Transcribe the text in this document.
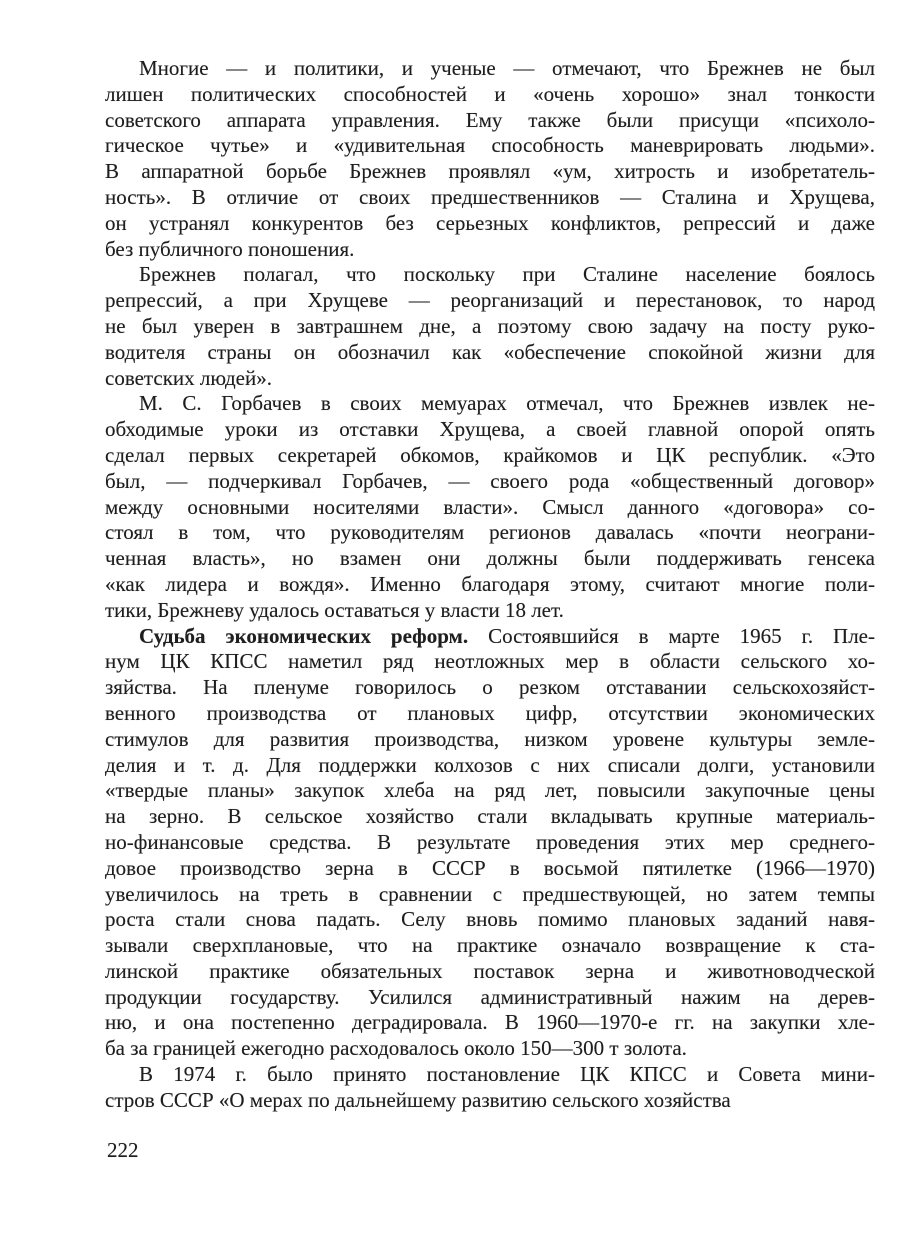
Многие — и политики, и ученые — отмечают, что Брежнев не был
лишен политических способностей и «очень хорошо» знал тонкости
советского аппарата управления. Ему также были присущи «психоло-
гическое чутье» и «удивительная способность маневрировать людьми».
В аппаратной борьбе Брежнев проявлял «ум, хитрость и изобретатель-
ность». В отличие от своих предшественников — Сталина и Хрущева,
он устранял конкурентов без серьезных конфликтов, репрессий и даже
без публичного поношения.
Брежнев полагал, что поскольку при Сталине население боялось
репрессий, а при Хрущеве — реорганизаций и перестановок, то народ
не был уверен в завтрашнем дне, а поэтому свою задачу на посту руко-
водителя страны он обозначил как «обеспечение спокойной жизни для
советских людей».
М. С. Горбачев в своих мемуарах отмечал, что Брежнев извлек не-
обходимые уроки из отставки Хрущева, а своей главной опорой опять
сделал первых секретарей обкомов, крайкомов и ЦК республик. «Это
был, — подчеркивал Горбачев, — своего рода «общественный договор»
между основными носителями власти». Смысл данного «договора» со-
стоял в том, что руководителям регионов давалась «почти неограни-
ченная власть», но взамен они должны были поддерживать генсека
«как лидера и вождя». Именно благодаря этому, считают многие поли-
тики, Брежневу удалось оставаться у власти 18 лет.
Судьба экономических реформ. Состоявшийся в марте 1965 г. Пле-
нум ЦК КПСС наметил ряд неотложных мер в области сельского хо-
зяйства. На пленуме говорилось о резком отставании сельскохозяйст-
венного производства от плановых цифр, отсутствии экономических
стимулов для развития производства, низком уровене культуры земле-
делия и т. д. Для поддержки колхозов с них списали долги, установили
«твердые планы» закупок хлеба на ряд лет, повысили закупочные цены
на зерно. В сельское хозяйство стали вкладывать крупные материаль-
но-финансовые средства. В результате проведения этих мер среднего-
довое производство зерна в СССР в восьмой пятилетке (1966—1970)
увеличилось на треть в сравнении с предшествующей, но затем темпы
роста стали снова падать. Селу вновь помимо плановых заданий навя-
зывали сверхплановые, что на практике означало возвращение к ста-
линской практике обязательных поставок зерна и животноводческой
продукции государству. Усилился административный нажим на дерев-
ню, и она постепенно деградировала. В 1960—1970-е гг. на закупки хле-
ба за границей ежегодно расходовалось около 150—300 т золота.
В 1974 г. было принято постановление ЦК КПСС и Совета мини-
стров СССР «О мерах по дальнейшему развитию сельского хозяйства
222
